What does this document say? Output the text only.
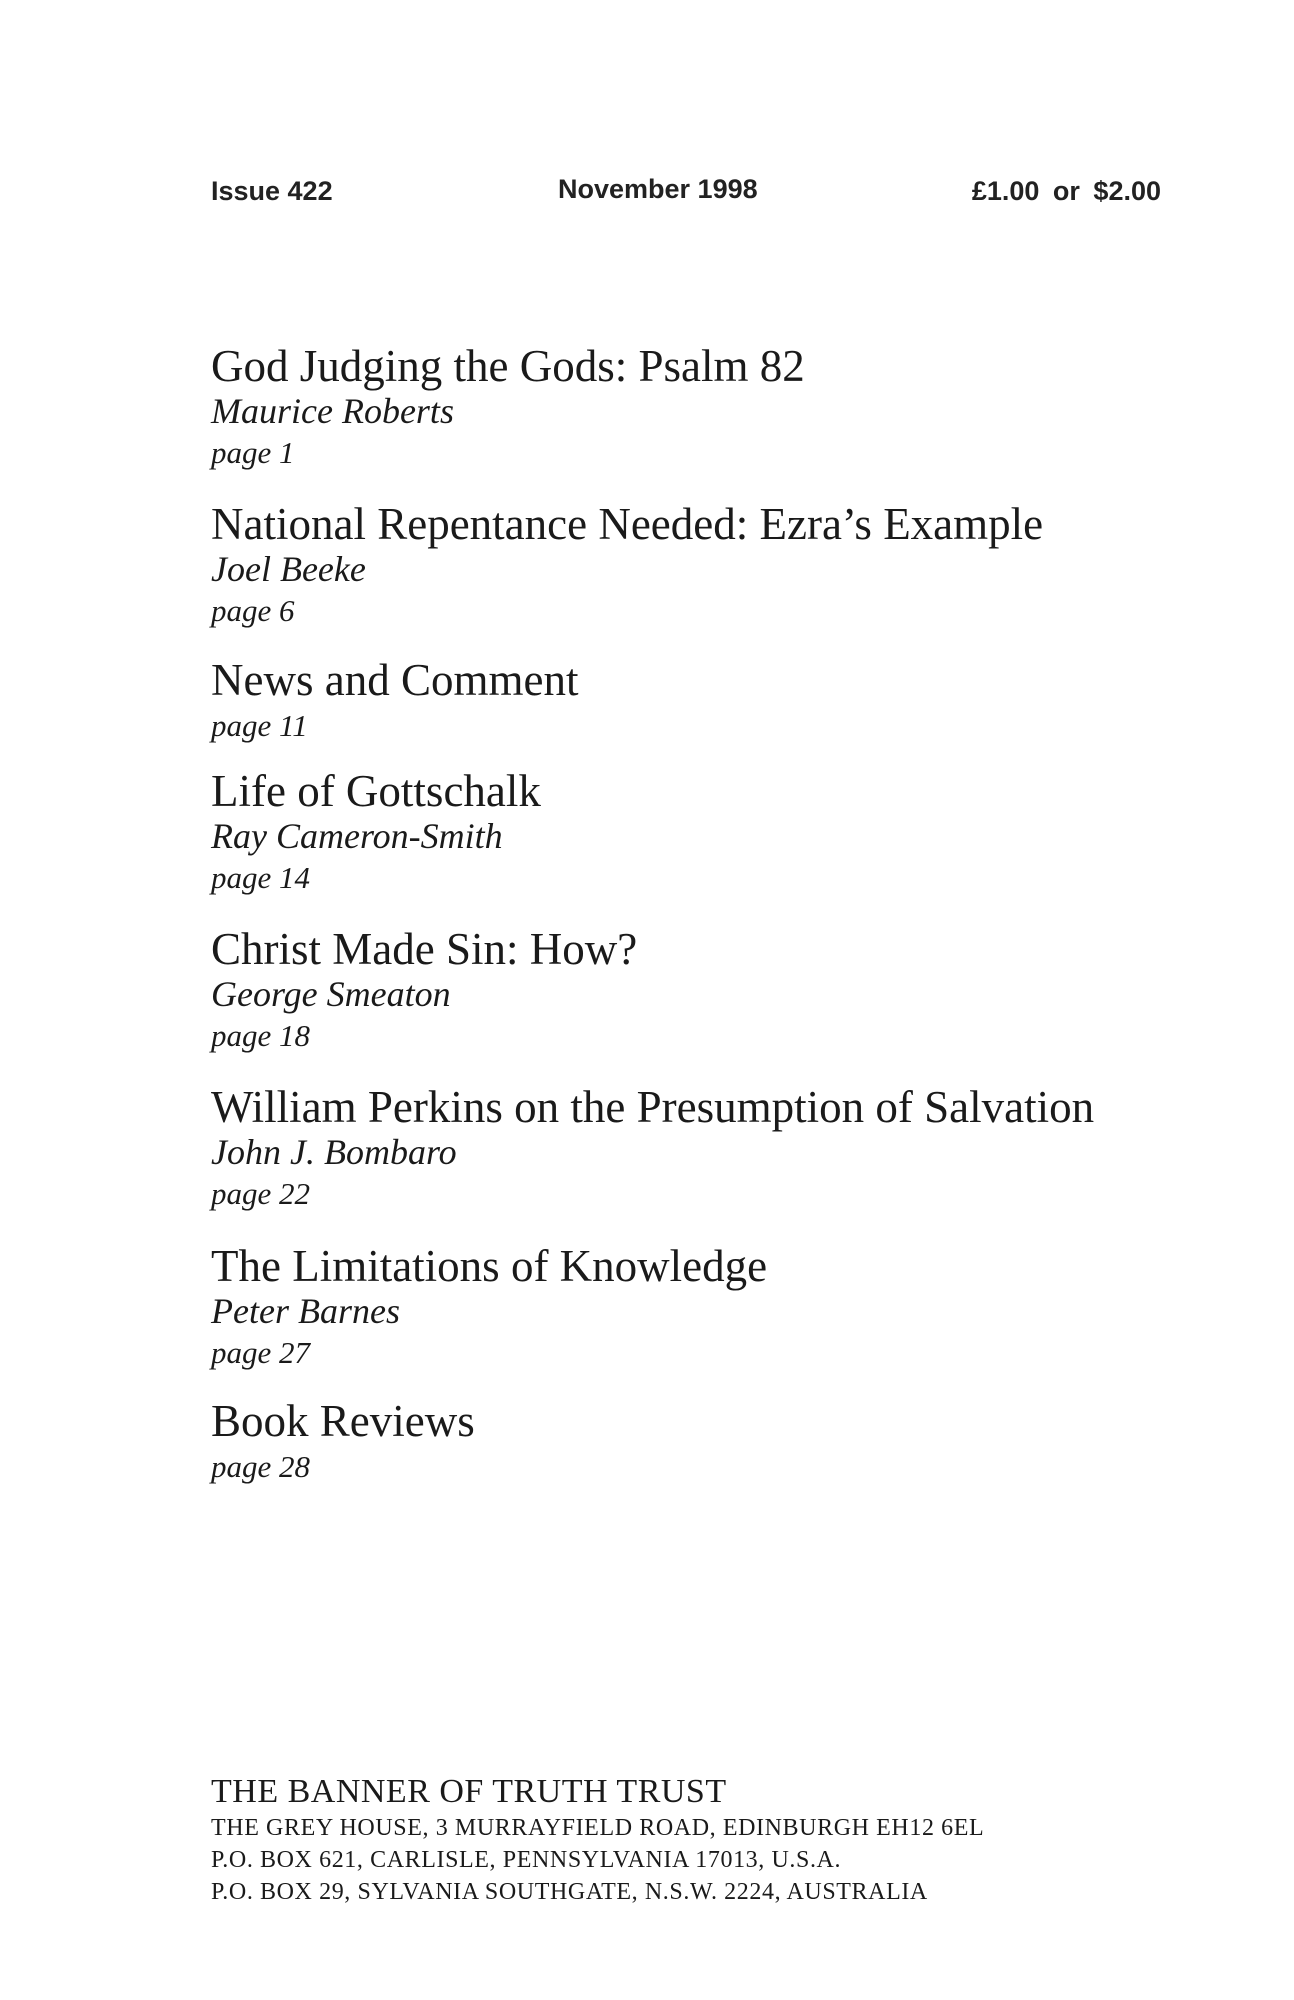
Issue 422	November 1998	£1.00 or $2.00
God Judging the Gods: Psalm 82
Maurice Roberts
page 1
National Repentance Needed: Ezra’s Example
Joel Beeke
page 6
News and Comment
page 11
Life of Gottschalk
Ray Cameron-Smith
page 14
Christ Made Sin: How?
George Smeaton
page 18
William Perkins on the Presumption of Salvation
John J. Bombaro
page 22
The Limitations of Knowledge
Peter Barnes
page 27
Book Reviews
page 28
THE BANNER OF TRUTH TRUST
THE GREY HOUSE, 3 MURRAYFIELD ROAD, EDINBURGH EH12 6EL
P.O. BOX 621, CARLISLE, PENNSYLVANIA 17013, U.S.A.
P.O. BOX 29, SYLVANIA SOUTHGATE, N.S.W. 2224, AUSTRALIA
